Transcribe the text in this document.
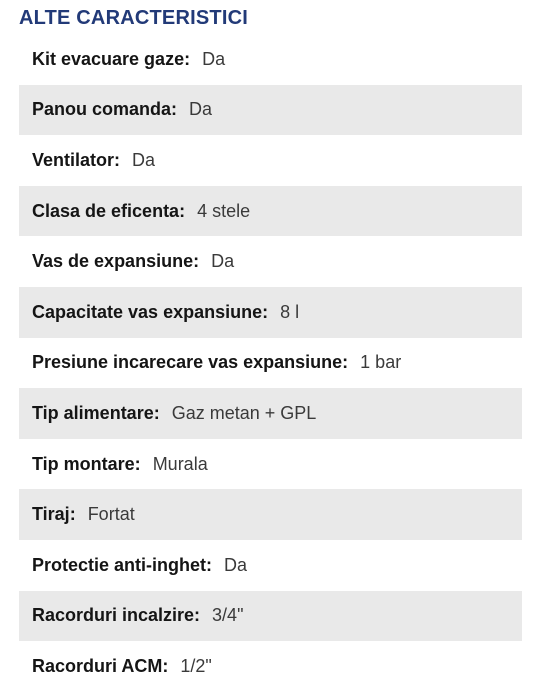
ALTE CARACTERISTICI
Kit evacuare gaze: Da
Panou comanda: Da
Ventilator: Da
Clasa de eficenta: 4 stele
Vas de expansiune: Da
Capacitate vas expansiune: 8 l
Presiune incarecare vas expansiune: 1 bar
Tip alimentare: Gaz metan + GPL
Tip montare: Murala
Tiraj: Fortat
Protectie anti-inghet: Da
Racorduri incalzire: 3/4"
Racorduri ACM: 1/2"
